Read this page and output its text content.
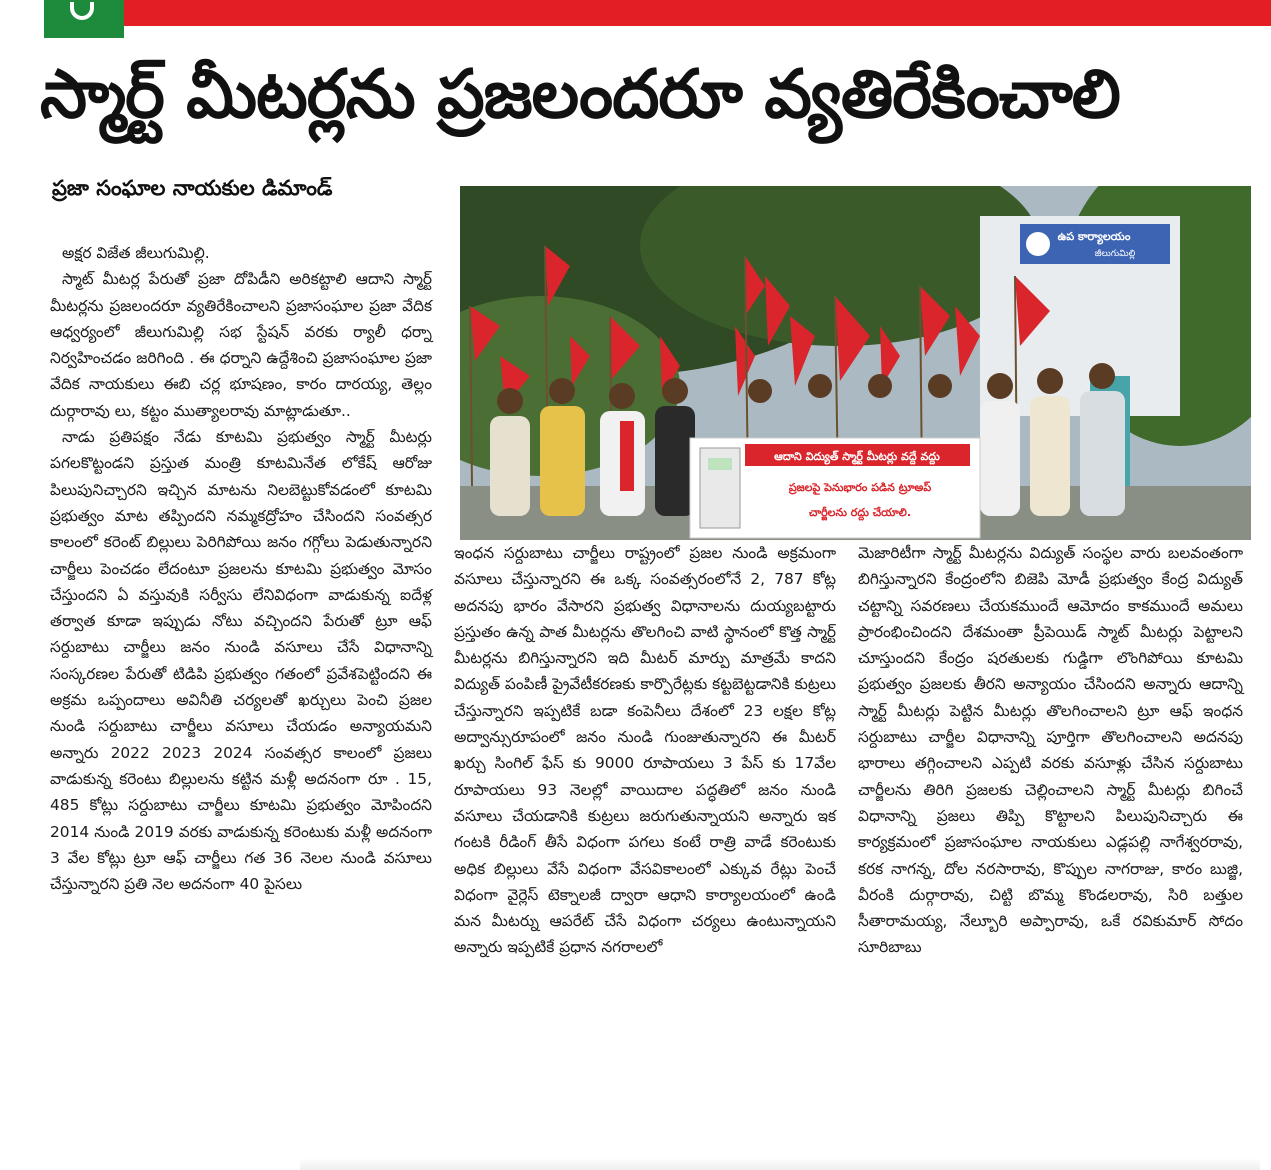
స్మార్ట్ మీటర్లను ప్రజలందరూ వ్యతిరేకించాలి
ప్రజా సంఘాల నాయకుల డిమాండ్

అక్షర విజేత జీలుగుమిల్లి.

స్మాట్ మీటర్ల పేరుతో ప్రజా దోపిడీని అరికట్టాలి ఆదాని స్మార్ట్ మీటర్లను ప్రజలందరూ వ్యతిరేకించాలని ప్రజాసంఘాల ప్రజా వేదిక ఆధ్వర్యంలో జీలుగుమిల్లి సభ స్టేషన్ వరకు ర్యాలీ ధర్నా నిర్వహించడం జరిగింది . ఈ ధర్నాని ఉద్దేశించి ప్రజాసంఘాల ప్రజా వేదిక నాయకులు ఈబి చర్ల భూషణం, కారం దారయ్య, తెల్లం దుర్గారావు లు, కట్టం ముత్యాలరావు మాట్లాడుతూ..

నాడు ప్రతిపక్షం నేడు కూటమి ప్రభుత్వం స్మార్ట్ మీటర్లు పగలకొట్టండని ప్రస్తుత మంత్రి కూటమినేత లోకేష్ ఆరోజు పిలుపునిచ్చారని ఇచ్చిన మాటను నిలబెట్టుకోవడంలో కూటమి ప్రభుత్వం మాట తప్పిందని నమ్మకద్రోహం చేసిందని సంవత్సర కాలంలో కరెంట్ బిల్లులు పెరిగిపోయి జనం గగ్గోలు పెడుతున్నారని చార్జీలు పెంచడం లేదంటూ ప్రజలను కూటమి ప్రభుత్వం మోసం చేస్తుందని ఏ వస్తువుకి సర్వీసు లేనివిధంగా వాడుకున్న ఐదేళ్ల తర్వాత కూడా ఇప్పుడు నోటు వచ్చిందని పేరుతో ట్రూ ఆఫ్ సర్దుబాటు చార్జీలు జనం నుండి వసూలు చేసే విధానాన్ని సంస్కరణల పేరుతో టిడిపి ప్రభుత్వం గతంలో ప్రవేశపెట్టిందని ఈ అక్రమ ఒప్పందాలు అవినీతి చర్యలతో ఖర్చులు పెంచి ప్రజల నుండి సర్దుబాటు చార్జీలు వసూలు చేయడం అన్యాయమని అన్నారు 2022 2023 2024 సంవత్సర కాలంలో ప్రజలు వాడుకున్న కరెంటు బిల్లులను కట్టిన మళ్లీ అదనంగా రూ . 15, 485 కోట్లు సర్దుబాటు చార్జీలు కూటమి ప్రభుత్వం మోపిందని 2014 నుండి 2019 వరకు వాడుకున్న కరెంటుకు మళ్లీ అదనంగా 3 వేల కోట్లు ట్రూ ఆఫ్ చార్జీలు గత 36 నెలల నుండి వసూలు చేస్తున్నారని ప్రతి నెల అదనంగా 40 పైసలు

ఉప కార్యాలయం
జీలుగుమిల్లి
ఆదాని విద్యుత్ స్మార్ట్ మీటర్లు వద్దే వద్దు
ప్రజలపై పెనుభారం పడిన ట్రూఅప్
చార్జీలను రద్దు చేయాలి.

ఇంధన సర్దుబాటు చార్జీలు రాష్ట్రంలో ప్రజల నుండి అక్రమంగా వసూలు చేస్తున్నారని ఈ ఒక్క సంవత్సరంలోనే 2, 787 కోట్ల అదనపు భారం వేసారని ప్రభుత్వ విధానాలను దుయ్యబట్టారు ప్రస్తుతం ఉన్న పాత మీటర్లను తొలగించి వాటి స్థానంలో కొత్త స్మార్ట్ మీటర్లను బిగిస్తున్నారని ఇది మీటర్ మార్పు మాత్రమే కాదని విద్యుత్ పంపిణీ ప్రైవేటీకరణకు కార్పొరేట్లకు కట్టబెట్టడానికి కుట్రలు చేస్తున్నారని ఇప్పటికే బడా కంపెనీలు దేశంలో 23 లక్షల కోట్ల అద్వాన్సురూపంలో జనం నుండి గుంజుతున్నారని ఈ మీటర్ ఖర్చు సింగిల్ ఫేస్ కు 9000 రూపాయలు 3 పేస్ కు 17వేల రూపాయలు 93 నెలల్లో వాయిదాల పద్ధతిలో జనం నుండి వసూలు చేయడానికి కుట్రలు జరుగుతున్నాయని అన్నారు ఇక గంటకి రీడింగ్ తీసే విధంగా పగలు కంటే రాత్రి వాడే కరెంటుకు అధిక బిల్లులు వేసే విధంగా వేసవికాలంలో ఎక్కువ రేట్లు పెంచే విధంగా వైర్లెస్ టెక్నాలజీ ద్వారా ఆధాని కార్యాలయంలో ఉండి మన మీటర్ను ఆపరేట్ చేసే విధంగా చర్యలు ఉంటున్నాయని అన్నారు ఇప్పటికే ప్రధాన నగరాలలో

మెజారిటీగా స్మార్ట్ మీటర్లను విద్యుత్ సంస్థల వారు బలవంతంగా బిగిస్తున్నారని కేంద్రంలోని బిజెపి మోడీ ప్రభుత్వం కేంద్ర విద్యుత్ చట్టాన్ని సవరణలు చేయకముందే ఆమోదం కాకముందే అమలు ప్రారంభించిందని దేశమంతా ప్రీపెయిడ్ స్మాట్ మీటర్లు పెట్టాలని చూస్తుందని కేంద్రం షరతులకు గుడ్డిగా లొంగిపోయి కూటమి ప్రభుత్వం ప్రజలకు తీరని అన్యాయం చేసిందని అన్నారు ఆదాన్ని స్మార్ట్ మీటర్లు పెట్టిన మీటర్లు తొలగించాలని ట్రూ ఆఫ్ ఇంధన సర్దుబాటు చార్జీల విధానాన్ని పూర్తిగా తొలగించాలని అదనపు భారాలు తగ్గించాలని ఎప్పటి వరకు వసూళ్లు చేసిన సర్దుబాటు చార్జీలను తిరిగి ప్రజలకు చెల్లించాలని స్మార్ట్ మీటర్లు బిగించే విధానాన్ని ప్రజలు తిప్పి కొట్టాలని పిలుపునిచ్చారు ఈ కార్యక్రమంలో ప్రజాసంఘాల నాయకులు ఎడ్లపల్లి నాగేశ్వరరావు, కరక నాగన్న, దోల నరసారావు, కొప్పుల నాగరాజు, కారం బుజ్జి, వీరంకి దుర్గారావు, చిట్టి బొమ్మ కొండలరావు, సిరి బత్తుల సీతారామయ్య, నేల్బూరి అప్పారావు, ఒకే రవికుమార్ సోదం సూరిబాబు
